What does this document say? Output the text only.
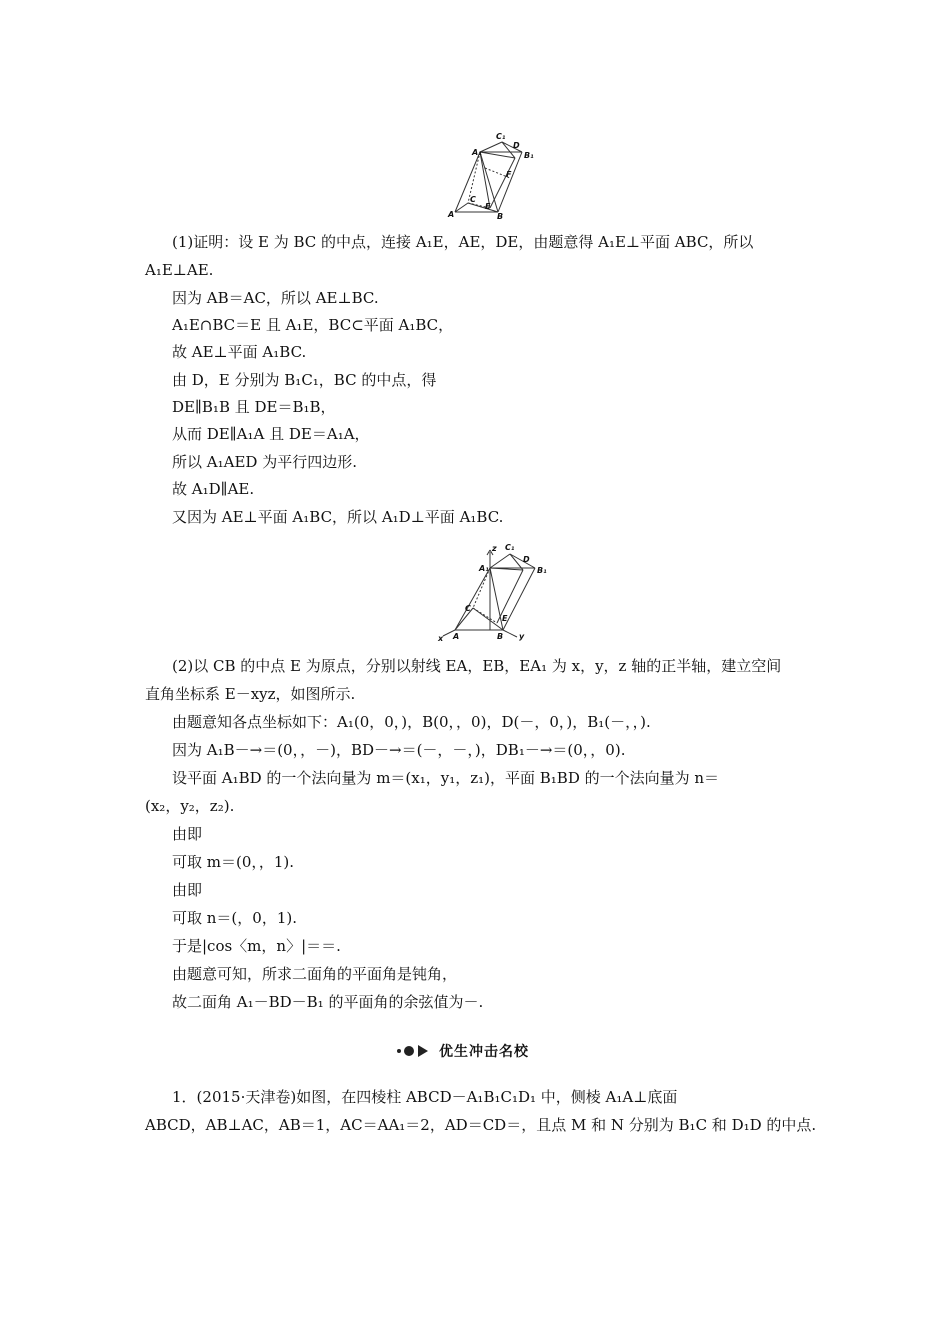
C₁
D
A₁	B₁
F
C
A
E
B
(1)证明：设 E 为 BC 的中点，连接 A₁E，AE，DE，由题意得 A₁E⊥平面 ABC，所以
A₁E⊥AE.
因为 AB＝AC，所以 AE⊥BC.
A₁E∩BC＝E 且 A₁E，BC⊂平面 A₁BC，
故 AE⊥平面 A₁BC.
由 D，E 分别为 B₁C₁，BC 的中点，得
DE∥B₁B 且 DE＝B₁B，
从而 DE∥A₁A 且 DE＝A₁A，
所以 A₁AED 为平行四边形.
故 A₁D∥AE.
又因为 AE⊥平面 A₁BC，所以 A₁D⊥平面 A₁BC.
z C₁
D
A₁	B₁
C
E
x A	B y
(2)以 CB 的中点 E 为原点，分别以射线 EA，EB，EA₁ 为 x，y，z 轴的正半轴，建立空间
直角坐标系 E－xyz，如图所示.
由题意知各点坐标如下：A₁(0，0，)，B(0，，0)，D(－，0，)，B₁(－，，).
因为 A₁B－→＝(0，，－)，BD－→＝(－，－，)，DB₁－→＝(0，，0).
设平面 A₁BD 的一个法向量为 m＝(x₁，y₁，z₁)，平面 B₁BD 的一个法向量为 n＝
(x₂，y₂，z₂).
由即
可取 m＝(0，，1).
由即
可取 n＝(，0，1).
于是|cos〈m，n〉|＝＝.
由题意可知，所求二面角的平面角是钝角，
故二面角 A₁－BD－B₁ 的平面角的余弦值为－.
优生冲击名校
1．(2015·天津卷)如图，在四棱柱 ABCD－A₁B₁C₁D₁ 中，侧棱 A₁A⊥底面
ABCD，AB⊥AC，AB＝1，AC＝AA₁＝2，AD＝CD＝，且点 M 和 N 分别为 B₁C 和 D₁D 的中点.
